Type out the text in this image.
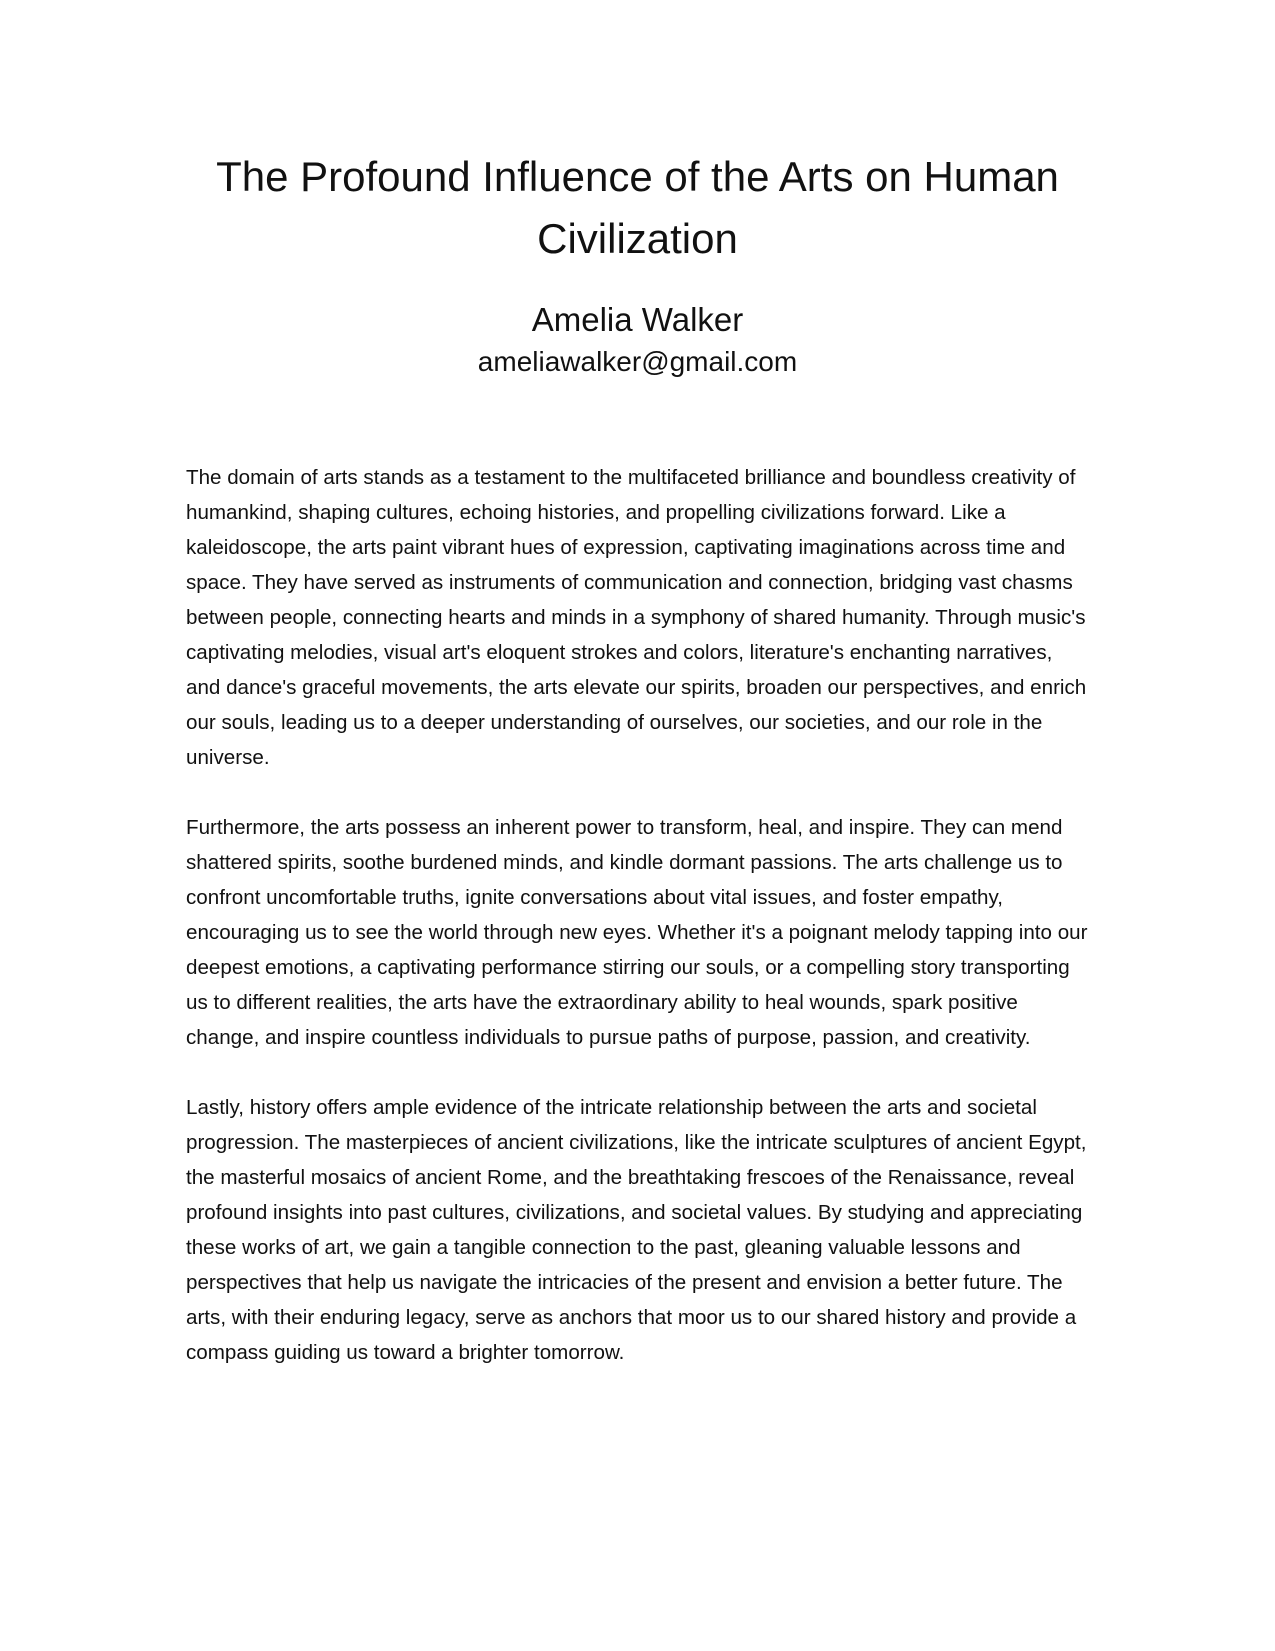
The Profound Influence of the Arts on Human Civilization
Amelia Walker
ameliawalker@gmail.com

The domain of arts stands as a testament to the multifaceted brilliance and boundless creativity of humankind, shaping cultures, echoing histories, and propelling civilizations forward. Like a kaleidoscope, the arts paint vibrant hues of expression, captivating imaginations across time and space. They have served as instruments of communication and connection, bridging vast chasms between people, connecting hearts and minds in a symphony of shared humanity. Through music's captivating melodies, visual art's eloquent strokes and colors, literature's enchanting narratives, and dance's graceful movements, the arts elevate our spirits, broaden our perspectives, and enrich our souls, leading us to a deeper understanding of ourselves, our societies, and our role in the universe.

Furthermore, the arts possess an inherent power to transform, heal, and inspire. They can mend shattered spirits, soothe burdened minds, and kindle dormant passions. The arts challenge us to confront uncomfortable truths, ignite conversations about vital issues, and foster empathy, encouraging us to see the world through new eyes. Whether it's a poignant melody tapping into our deepest emotions, a captivating performance stirring our souls, or a compelling story transporting us to different realities, the arts have the extraordinary ability to heal wounds, spark positive change, and inspire countless individuals to pursue paths of purpose, passion, and creativity.

Lastly, history offers ample evidence of the intricate relationship between the arts and societal progression. The masterpieces of ancient civilizations, like the intricate sculptures of ancient Egypt, the masterful mosaics of ancient Rome, and the breathtaking frescoes of the Renaissance, reveal profound insights into past cultures, civilizations, and societal values. By studying and appreciating these works of art, we gain a tangible connection to the past, gleaning valuable lessons and perspectives that help us navigate the intricacies of the present and envision a better future. The arts, with their enduring legacy, serve as anchors that moor us to our shared history and provide a compass guiding us toward a brighter tomorrow.
